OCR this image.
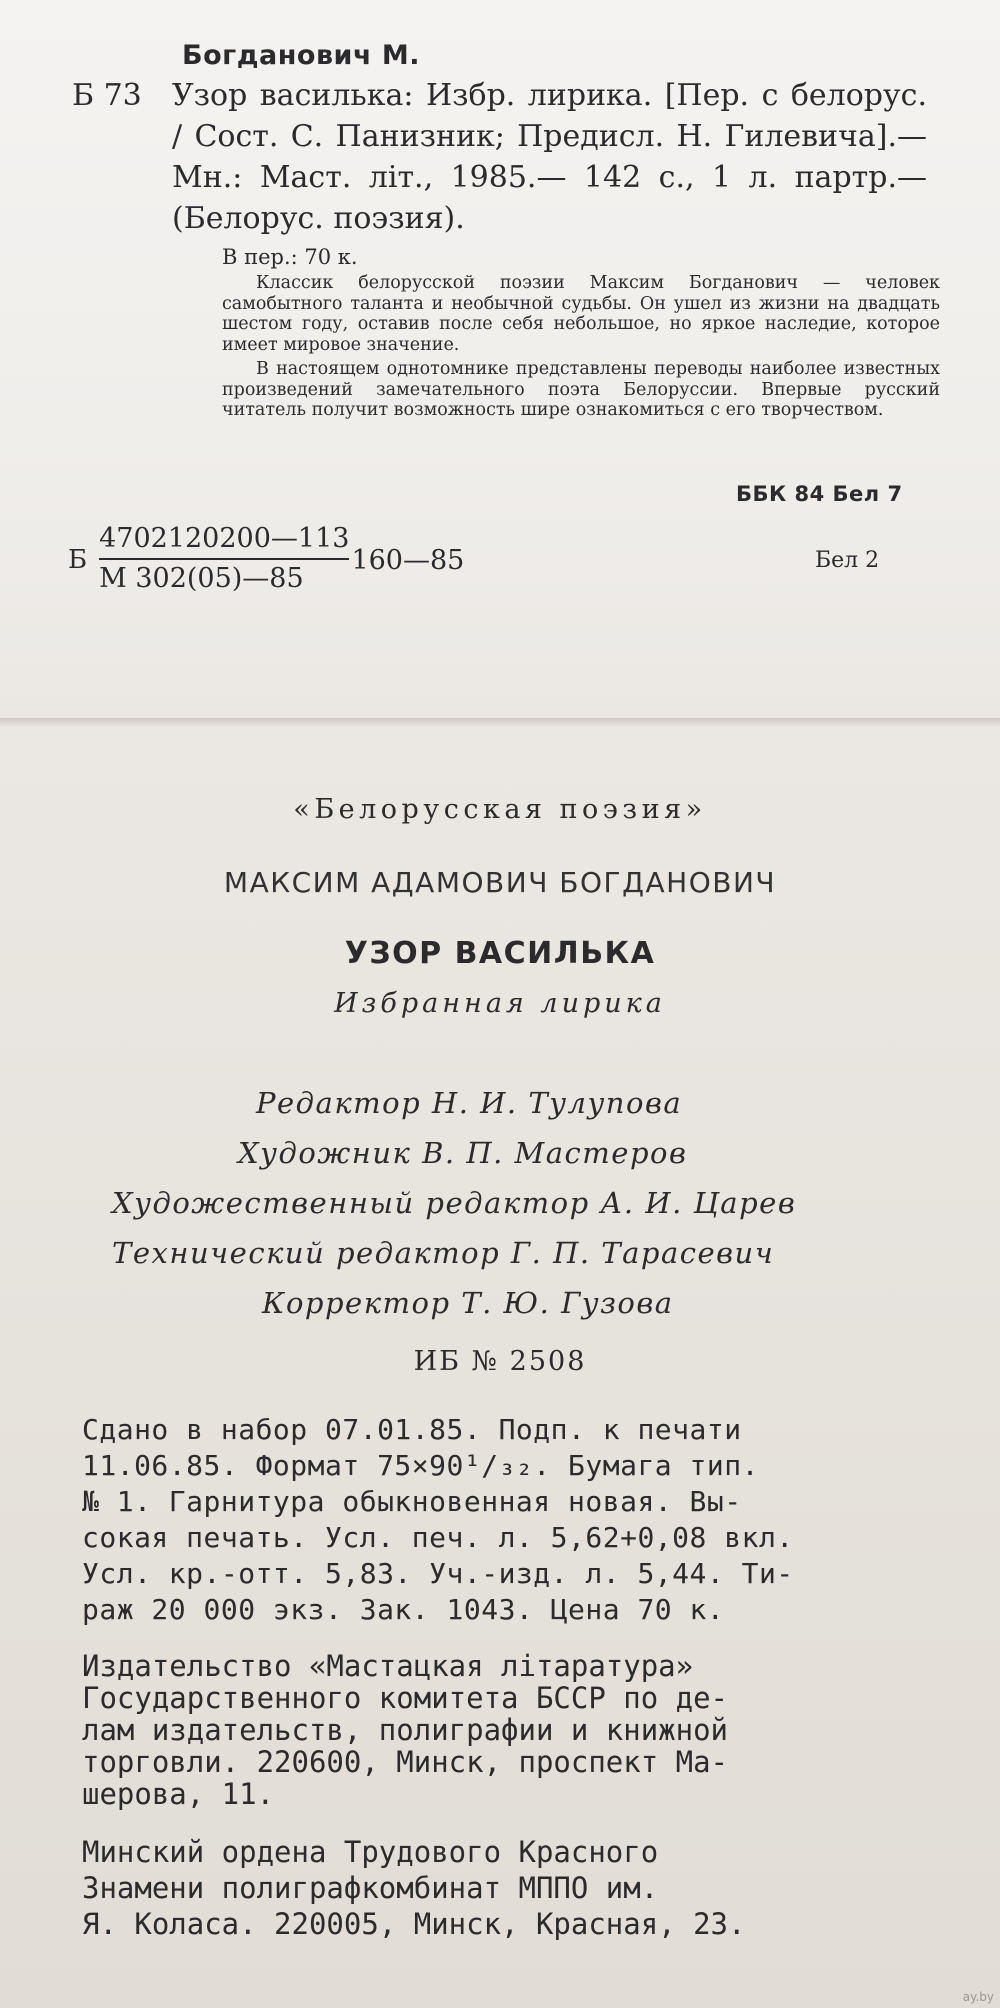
Богданович М.
Б 73	Узор василька: Избр. лирика. [Пер. с белорус. / Сост. С. Панизник; Предисл. Н. Гилевича].— Мн.: Маст. літ., 1985.— 142 с., 1 л. партр.— (Белорус. поэзия).
В пер.: 70 к.

Классик белорусской поэзии Максим Богданович — человек самобытного таланта и необычной судьбы. Он ушел из жизни на двадцать шестом году, оставив после себя небольшое, но яркое наследие, которое имеет мировое значение.

В настоящем однотомнике представлены переводы наиболее известных произведений замечательного поэта Белоруссии. Впервые русский читатель получит возможность шире ознакомиться с его творчеством.

ББК 84 Бел 7
Бел 2
Б $\frac{4702120200—113}{М 302(05)—85}$ 160—85
«Белорусская поэзия»
МАКСИМ АДАМОВИЧ БОГДАНОВИЧ
УЗОР ВАСИЛЬКА
Избранная лирика
Редактор Н. И. Тулупова
Художник В. П. Мастеров
Художественный редактор А. И. Царев
Технический редактор Г. П. Тарасевич
Корректор Т. Ю. Гузова
ИБ № 2508
Сдано в набор 07.01.85. Подп. к печати
11.06.85. Формат 75×90¹/₃₂. Бумага тип.
№ 1. Гарнитура обыкновенная новая. Вы-
сокая печать. Усл. печ. л. 5,62+0,08 вкл.
Усл. кр.-отт. 5,83. Уч.-изд. л. 5,44. Ти-
раж 20 000 экз. Зак. 1043. Цена 70 к.
Издательство «Мастацкая літаратура»
Государственного комитета БССР по де-
лам издательств, полиграфии и книжной
торговли. 220600, Минск, проспект Ма-
шерова, 11.
Минский ордена Трудового Красного
Знамени полиграфкомбинат МППО им.
Я. Коласа. 220005, Минск, Красная, 23.
ay.by
